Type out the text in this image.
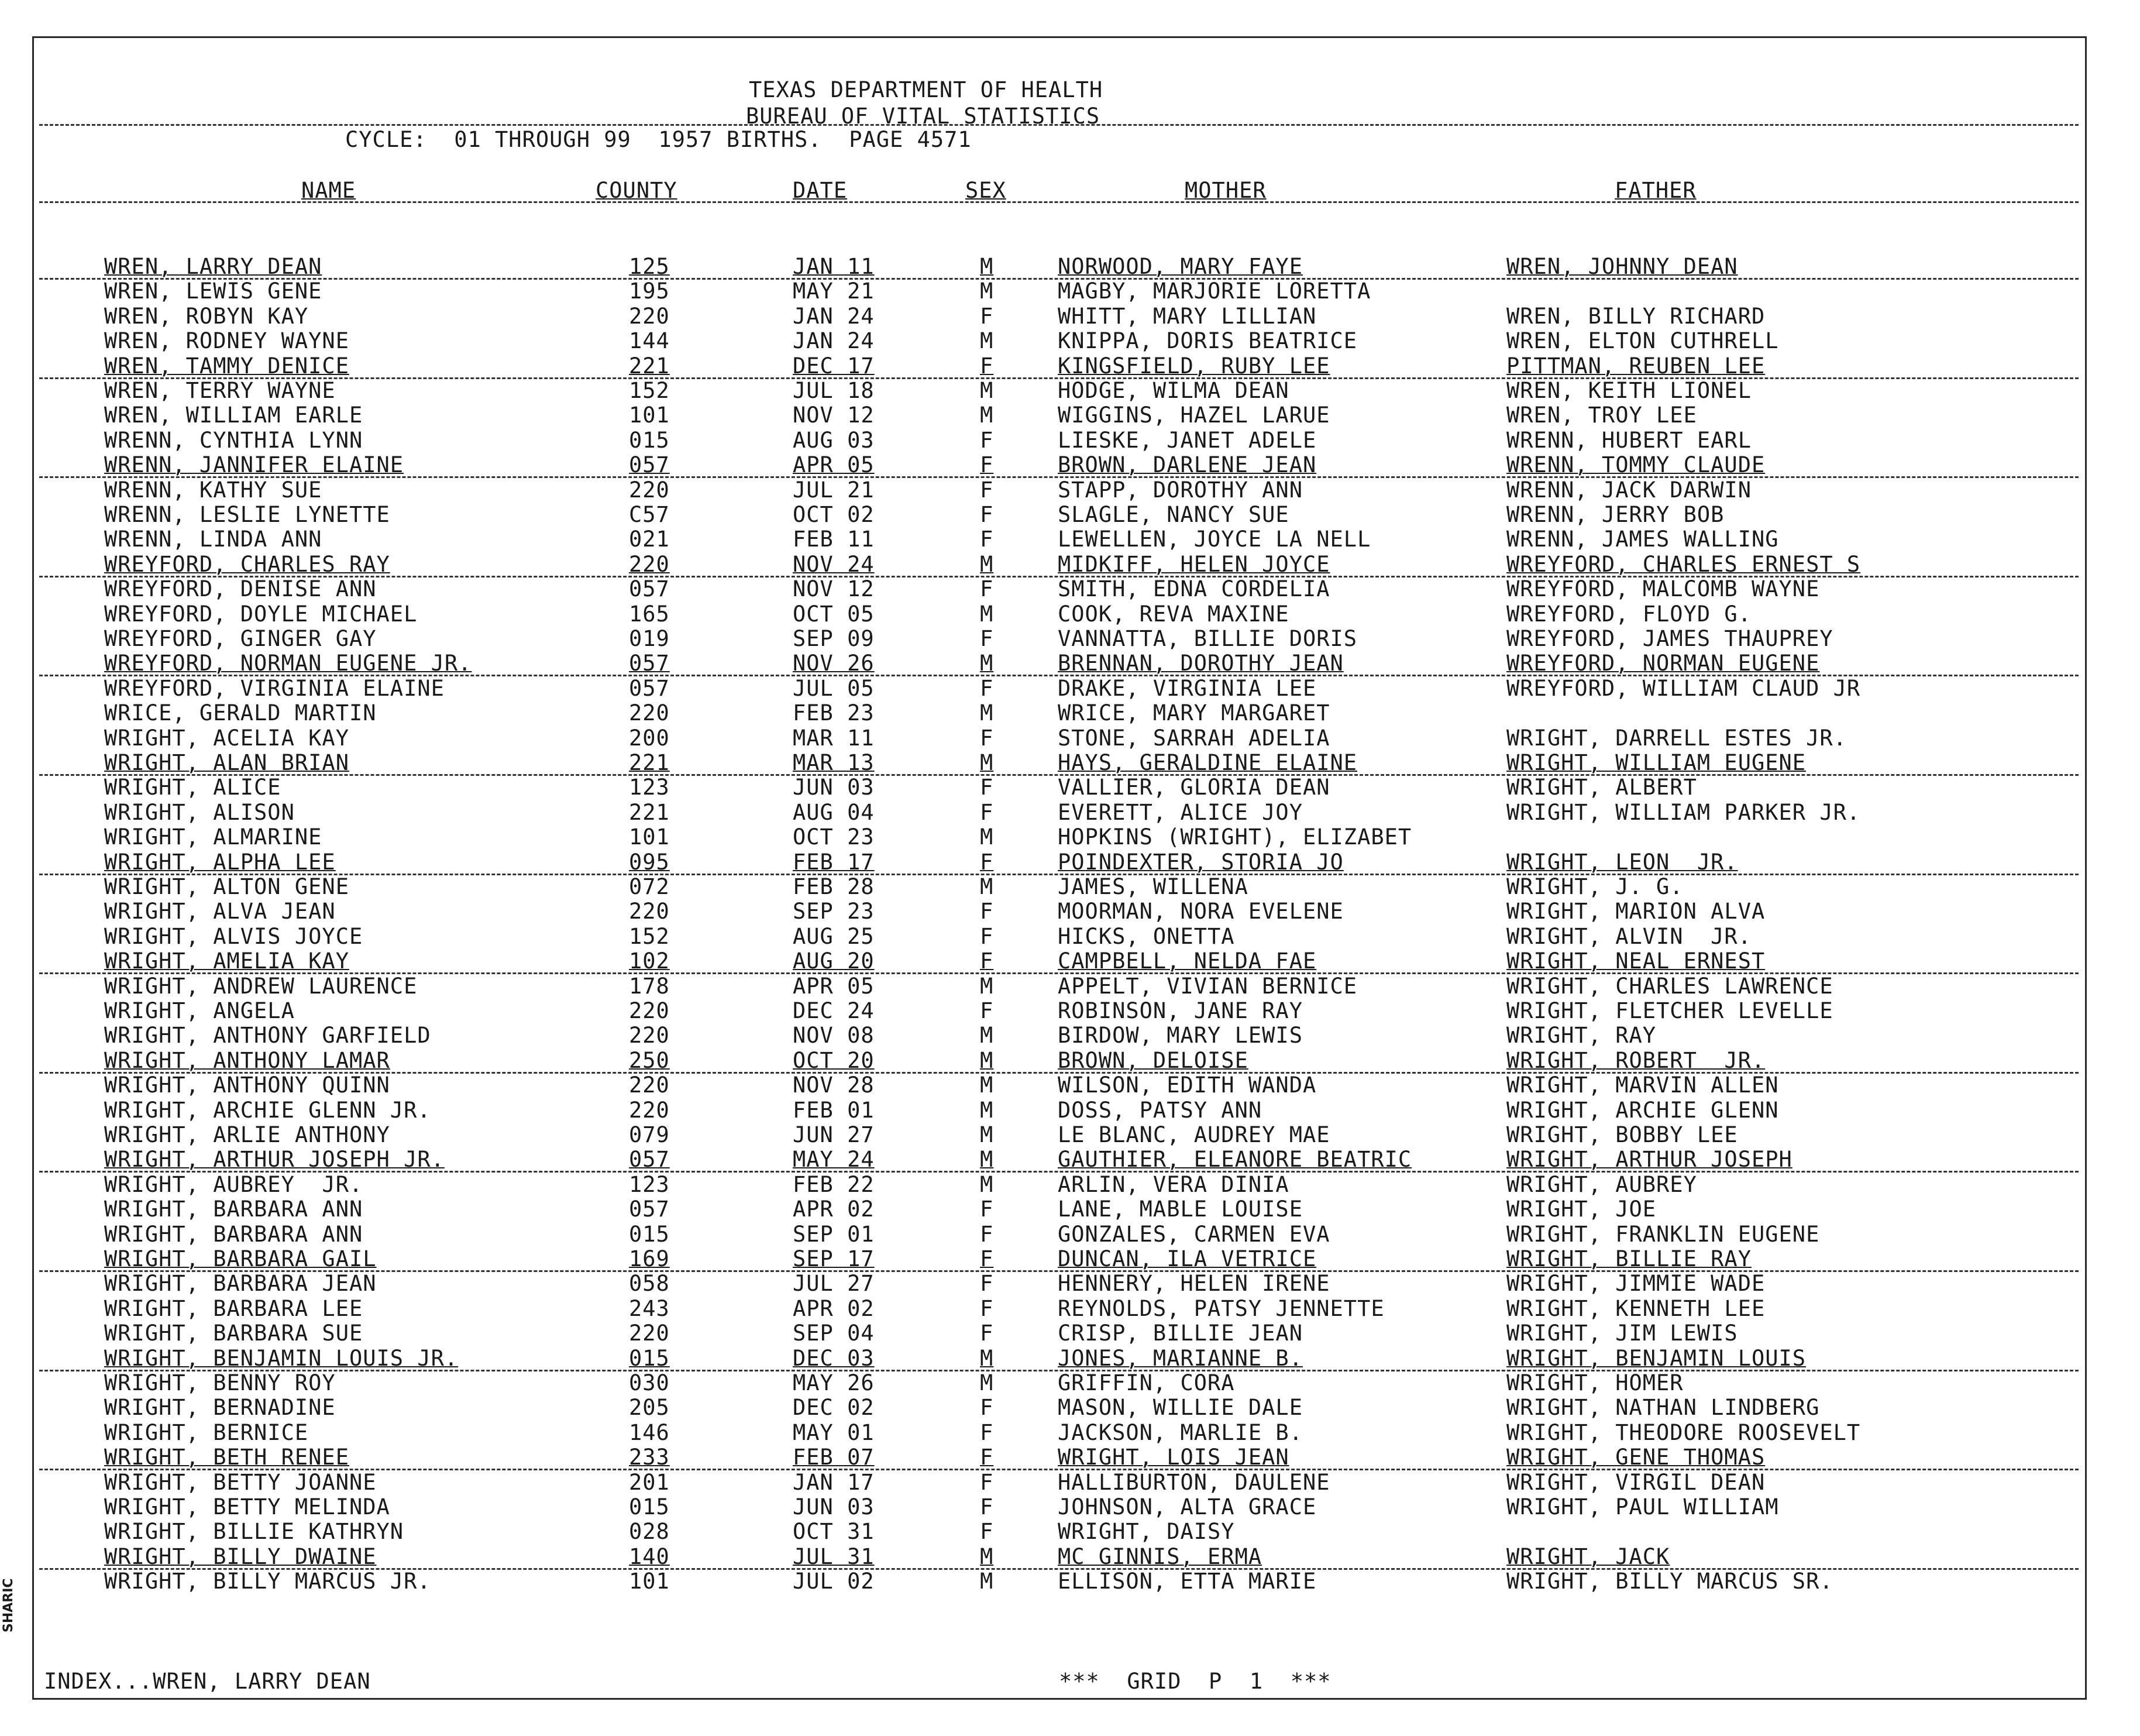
SHARIC
TEXAS DEPARTMENT OF HEALTH
BUREAU OF VITAL STATISTICS
CYCLE:  01 THROUGH 99  1957 BIRTHS.  PAGE 4571
NAME	COUNTY	DATE	SEX	MOTHER	FATHER
WREN, LARRY DEAN	125	JAN 11	M	NORWOOD, MARY FAYE	WREN, JOHNNY DEAN
WREN, LEWIS GENE	195	MAY 21	M	MAGBY, MARJORIE LORETTA
WREN, ROBYN KAY	220	JAN 24	F	WHITT, MARY LILLIAN	WREN, BILLY RICHARD
WREN, RODNEY WAYNE	144	JAN 24	M	KNIPPA, DORIS BEATRICE	WREN, ELTON CUTHRELL
WREN, TAMMY DENICE	221	DEC 17	F	KINGSFIELD, RUBY LEE	PITTMAN, REUBEN LEE
WREN, TERRY WAYNE	152	JUL 18	M	HODGE, WILMA DEAN	WREN, KEITH LIONEL
WREN, WILLIAM EARLE	101	NOV 12	M	WIGGINS, HAZEL LARUE	WREN, TROY LEE
WRENN, CYNTHIA LYNN	015	AUG 03	F	LIESKE, JANET ADELE	WRENN, HUBERT EARL
WRENN, JANNIFER ELAINE	057	APR 05	F	BROWN, DARLENE JEAN	WRENN, TOMMY CLAUDE
WRENN, KATHY SUE	220	JUL 21	F	STAPP, DOROTHY ANN	WRENN, JACK DARWIN
WRENN, LESLIE LYNETTE	C57	OCT 02	F	SLAGLE, NANCY SUE	WRENN, JERRY BOB
WRENN, LINDA ANN	021	FEB 11	F	LEWELLEN, JOYCE LA NELL	WRENN, JAMES WALLING
WREYFORD, CHARLES RAY	220	NOV 24	M	MIDKIFF, HELEN JOYCE	WREYFORD, CHARLES ERNEST S
WREYFORD, DENISE ANN	057	NOV 12	F	SMITH, EDNA CORDELIA	WREYFORD, MALCOMB WAYNE
WREYFORD, DOYLE MICHAEL	165	OCT 05	M	COOK, REVA MAXINE	WREYFORD, FLOYD G.
WREYFORD, GINGER GAY	019	SEP 09	F	VANNATTA, BILLIE DORIS	WREYFORD, JAMES THAUPREY
WREYFORD, NORMAN EUGENE JR.	057	NOV 26	M	BRENNAN, DOROTHY JEAN	WREYFORD, NORMAN EUGENE
WREYFORD, VIRGINIA ELAINE	057	JUL 05	F	DRAKE, VIRGINIA LEE	WREYFORD, WILLIAM CLAUD JR
WRICE, GERALD MARTIN	220	FEB 23	M	WRICE, MARY MARGARET
WRIGHT, ACELIA KAY	200	MAR 11	F	STONE, SARRAH ADELIA	WRIGHT, DARRELL ESTES JR.
WRIGHT, ALAN BRIAN	221	MAR 13	M	HAYS, GERALDINE ELAINE	WRIGHT, WILLIAM EUGENE
WRIGHT, ALICE	123	JUN 03	F	VALLIER, GLORIA DEAN	WRIGHT, ALBERT
WRIGHT, ALISON	221	AUG 04	F	EVERETT, ALICE JOY	WRIGHT, WILLIAM PARKER JR.
WRIGHT, ALMARINE	101	OCT 23	M	HOPKINS (WRIGHT), ELIZABET
WRIGHT, ALPHA LEE	095	FEB 17	F	POINDEXTER, STORIA JO	WRIGHT, LEON  JR.
WRIGHT, ALTON GENE	072	FEB 28	M	JAMES, WILLENA	WRIGHT, J. G.
WRIGHT, ALVA JEAN	220	SEP 23	F	MOORMAN, NORA EVELENE	WRIGHT, MARION ALVA
WRIGHT, ALVIS JOYCE	152	AUG 25	F	HICKS, ONETTA	WRIGHT, ALVIN  JR.
WRIGHT, AMELIA KAY	102	AUG 20	F	CAMPBELL, NELDA FAE	WRIGHT, NEAL ERNEST
WRIGHT, ANDREW LAURENCE	178	APR 05	M	APPELT, VIVIAN BERNICE	WRIGHT, CHARLES LAWRENCE
WRIGHT, ANGELA	220	DEC 24	F	ROBINSON, JANE RAY	WRIGHT, FLETCHER LEVELLE
WRIGHT, ANTHONY GARFIELD	220	NOV 08	M	BIRDOW, MARY LEWIS	WRIGHT, RAY
WRIGHT, ANTHONY LAMAR	250	OCT 20	M	BROWN, DELOISE	WRIGHT, ROBERT  JR.
WRIGHT, ANTHONY QUINN	220	NOV 28	M	WILSON, EDITH WANDA	WRIGHT, MARVIN ALLEN
WRIGHT, ARCHIE GLENN JR.	220	FEB 01	M	DOSS, PATSY ANN	WRIGHT, ARCHIE GLENN
WRIGHT, ARLIE ANTHONY	079	JUN 27	M	LE BLANC, AUDREY MAE	WRIGHT, BOBBY LEE
WRIGHT, ARTHUR JOSEPH JR.	057	MAY 24	M	GAUTHIER, ELEANORE BEATRIC	WRIGHT, ARTHUR JOSEPH
WRIGHT, AUBREY  JR.	123	FEB 22	M	ARLIN, VERA DINIA	WRIGHT, AUBREY
WRIGHT, BARBARA ANN	057	APR 02	F	LANE, MABLE LOUISE	WRIGHT, JOE
WRIGHT, BARBARA ANN	015	SEP 01	F	GONZALES, CARMEN EVA	WRIGHT, FRANKLIN EUGENE
WRIGHT, BARBARA GAIL	169	SEP 17	F	DUNCAN, ILA VETRICE	WRIGHT, BILLIE RAY
WRIGHT, BARBARA JEAN	058	JUL 27	F	HENNERY, HELEN IRENE	WRIGHT, JIMMIE WADE
WRIGHT, BARBARA LEE	243	APR 02	F	REYNOLDS, PATSY JENNETTE	WRIGHT, KENNETH LEE
WRIGHT, BARBARA SUE	220	SEP 04	F	CRISP, BILLIE JEAN	WRIGHT, JIM LEWIS
WRIGHT, BENJAMIN LOUIS JR.	015	DEC 03	M	JONES, MARIANNE B.	WRIGHT, BENJAMIN LOUIS
WRIGHT, BENNY ROY	030	MAY 26	M	GRIFFIN, CORA	WRIGHT, HOMER
WRIGHT, BERNADINE	205	DEC 02	F	MASON, WILLIE DALE	WRIGHT, NATHAN LINDBERG
WRIGHT, BERNICE	146	MAY 01	F	JACKSON, MARLIE B.	WRIGHT, THEODORE ROOSEVELT
WRIGHT, BETH RENEE	233	FEB 07	F	WRIGHT, LOIS JEAN	WRIGHT, GENE THOMAS
WRIGHT, BETTY JOANNE	201	JAN 17	F	HALLIBURTON, DAULENE	WRIGHT, VIRGIL DEAN
WRIGHT, BETTY MELINDA	015	JUN 03	F	JOHNSON, ALTA GRACE	WRIGHT, PAUL WILLIAM
WRIGHT, BILLIE KATHRYN	028	OCT 31	F	WRIGHT, DAISY
WRIGHT, BILLY DWAINE	140	JUL 31	M	MC GINNIS, ERMA	WRIGHT, JACK
WRIGHT, BILLY MARCUS JR.	101	JUL 02	M	ELLISON, ETTA MARIE	WRIGHT, BILLY MARCUS SR.
INDEX...WREN, LARRY DEAN	***  GRID  P  1  ***
